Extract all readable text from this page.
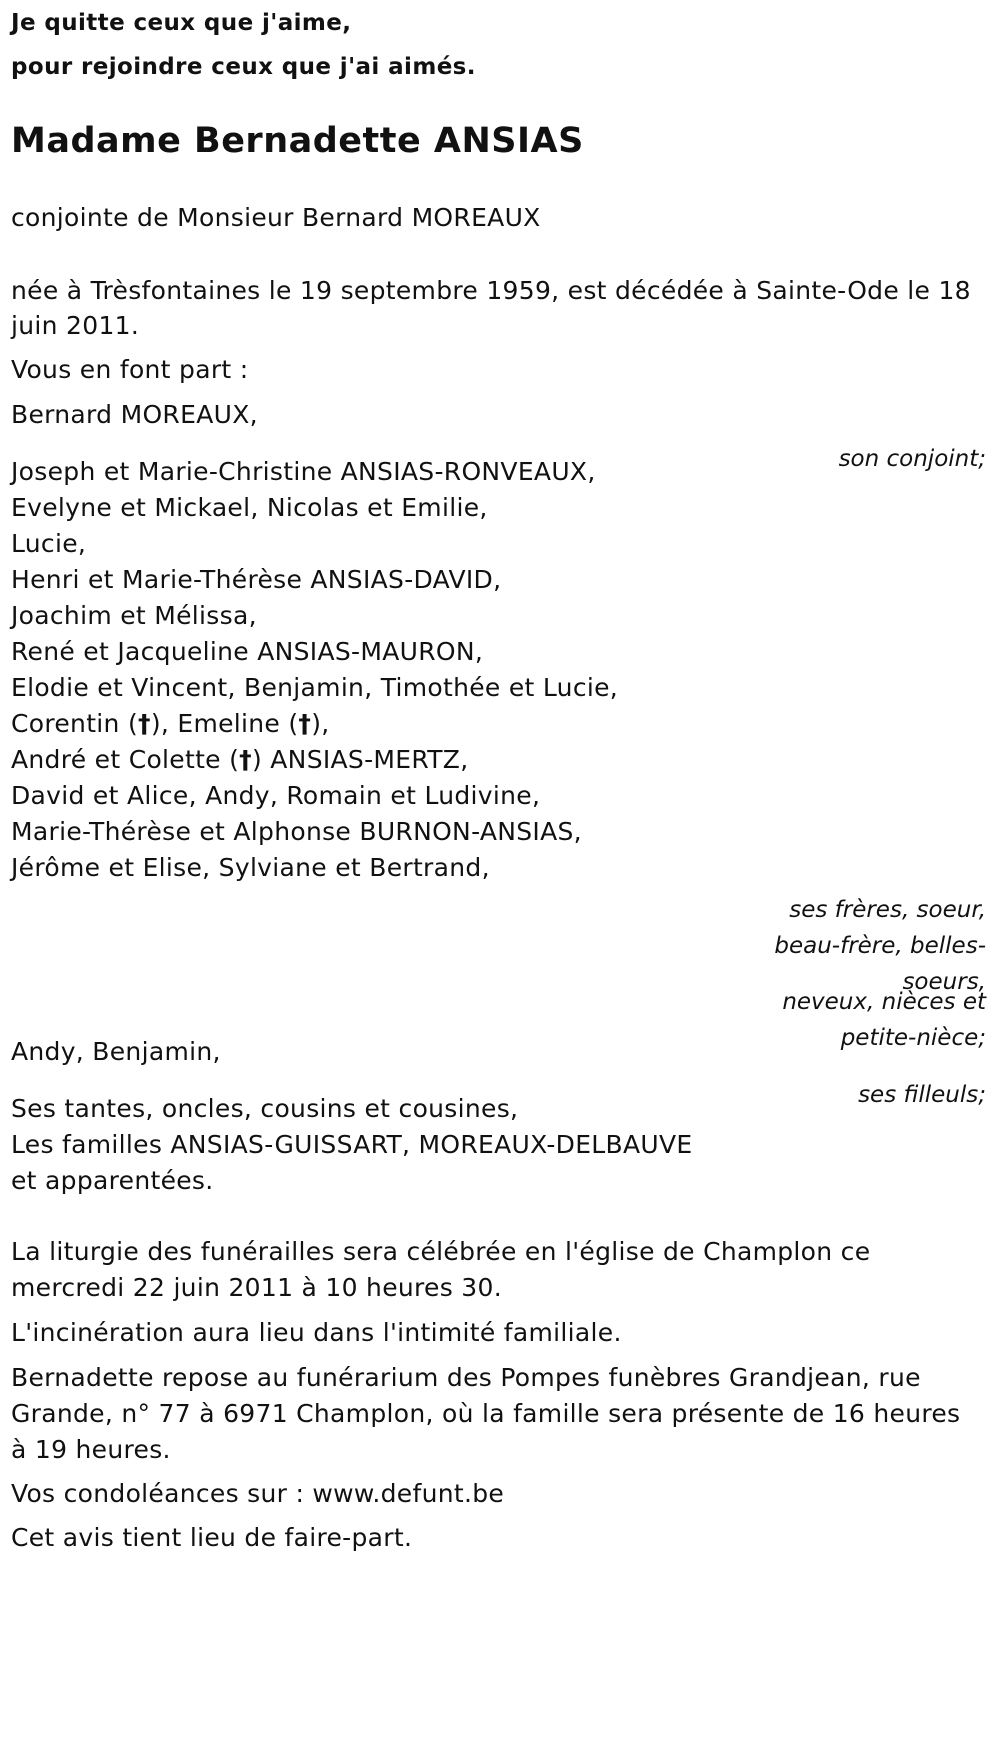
Je quitte ceux que j'aime,

pour rejoindre ceux que j'ai aimés.

Madame Bernadette ANSIAS

conjointe de Monsieur Bernard MOREAUX

née à Trèsfontaines le 19 septembre 1959, est décédée à Sainte-Ode le 18

juin 2011.

Vous en font part :

Bernard MOREAUX,

son conjoint;

Joseph et Marie-Christine ANSIAS-RONVEAUX,

Evelyne et Mickael, Nicolas et Emilie,

Lucie,

Henri et Marie-Thérèse ANSIAS-DAVID,

Joachim et Mélissa,

René et Jacqueline ANSIAS-MAURON,

Elodie et Vincent, Benjamin, Timothée et Lucie,

Corentin (†), Emeline (†),

André et Colette (†) ANSIAS-MERTZ,

David et Alice, Andy, Romain et Ludivine,

Marie-Thérèse et Alphonse BURNON-ANSIAS,

Jérôme et Elise, Sylviane et Bertrand,

ses frères, soeur, beau-frère, belles-soeurs,

neveux, nièces et petite-nièce;

Andy, Benjamin,

ses filleuls;

Ses tantes, oncles, cousins et cousines,

Les familles ANSIAS-GUISSART, MOREAUX-DELBAUVE

et apparentées.

La liturgie des funérailles sera célébrée en l'église de Champlon ce

mercredi 22 juin 2011 à 10 heures 30.

L'incinération aura lieu dans l'intimité familiale.

Bernadette repose au funérarium des Pompes funèbres Grandjean, rue

Grande, n° 77 à 6971 Champlon, où la famille sera présente de 16 heures

à 19 heures.

Vos condoléances sur : www.defunt.be

Cet avis tient lieu de faire-part.
